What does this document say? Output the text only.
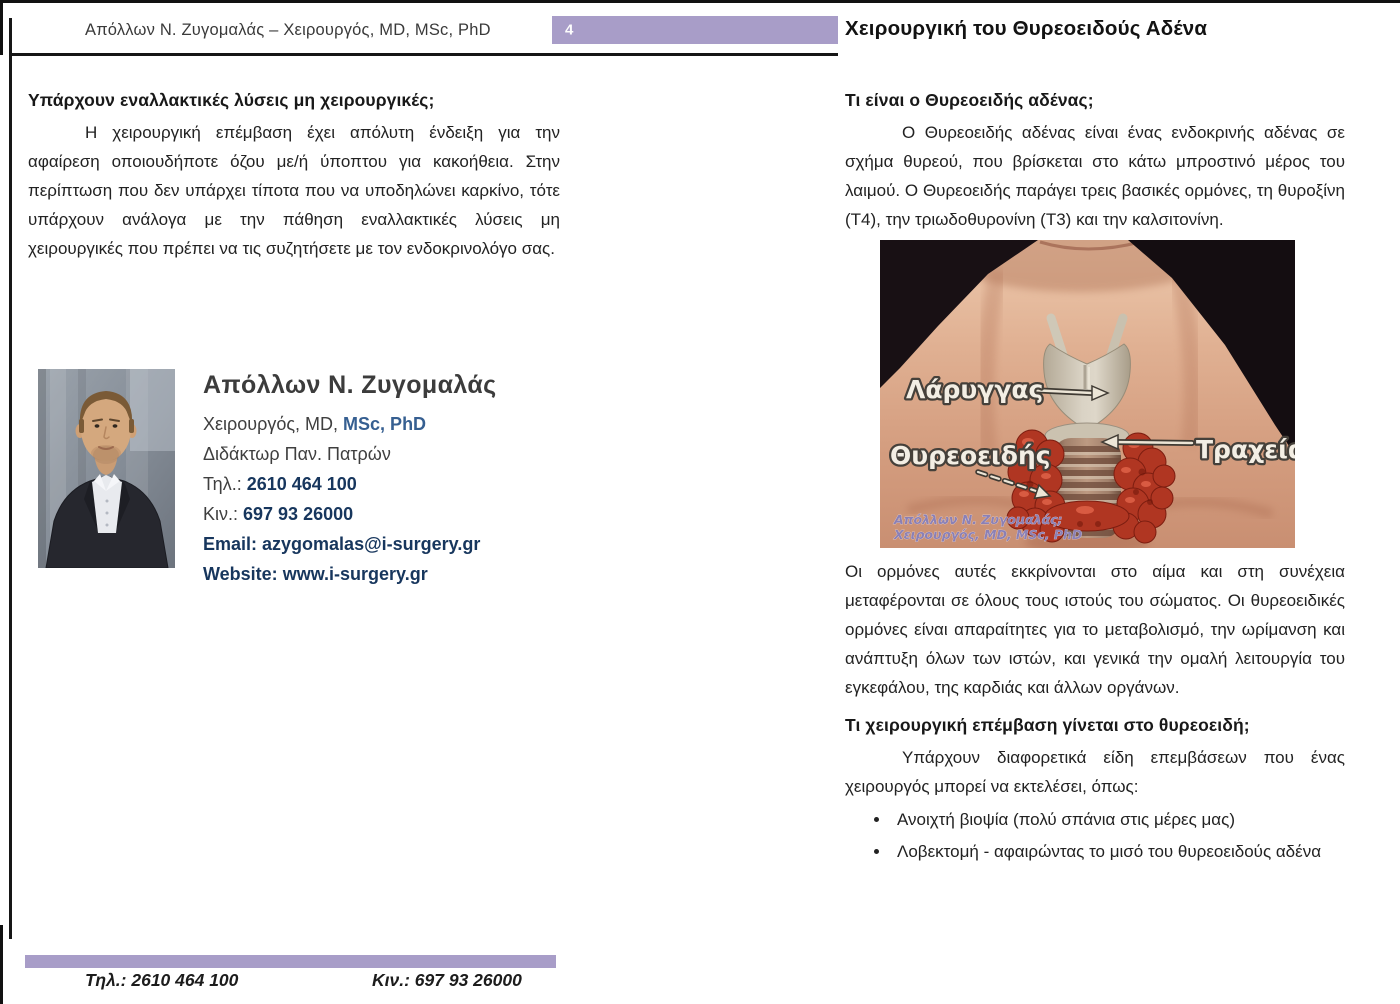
Απόλλων Ν. Ζυγομαλάς – Χειρουργός, MD, MSc, PhD	4	Χειρουργική του Θυρεοειδούς Αδένα
Υπάρχουν εναλλακτικές λύσεις μη χειρουργικές;

Η χειρουργική επέμβαση έχει απόλυτη ένδειξη για την αφαίρεση οποιουδήποτε όζου με/ή ύποπτου για κακοήθεια. Στην περίπτωση που δεν υπάρχει τίποτα που να υποδηλώνει καρκίνο, τότε υπάρχουν ανάλογα με την πάθηση εναλλακτικές λύσεις μη χειρουργικές που πρέπει να τις συζητήσετε με τον ενδοκρινολόγο σας.

Απόλλων Ν. Ζυγομαλάς
Χειρουργός, MD, MSc, PhD
Διδάκτωρ Παν. Πατρών
Τηλ.: 2610 464 100
Κιν.: 697 93 26000
Email: azygomalas@i-surgery.gr
Website: www.i-surgery.gr
Τι είναι ο Θυρεοειδής αδένας;

Ο Θυρεοειδής αδένας είναι ένας ενδοκρινής αδένας σε σχήμα θυρεού, που βρίσκεται στο κάτω μπροστινό μέρος του λαιμού. Ο Θυρεοειδής παράγει τρεις βασικές ορμόνες, τη θυροξίνη (Τ4), την τριωδοθυρονίνη (Τ3) και την καλσιτονίνη.

Λάρυγγας
Θυρεοειδής	Τραχεία
Απόλλων Ν. Ζυγομαλάς;
Χειρουργός, MD, MSc, PhD

Οι ορμόνες αυτές εκκρίνονται στο αίμα και στη συνέχεια μεταφέρονται σε όλους τους ιστούς του σώματος. Οι θυρεοειδικές ορμόνες είναι απαραίτητες για το μεταβολισμό, την ωρίμανση και ανάπτυξη όλων των ιστών, και γενικά την ομαλή λειτουργία του εγκεφάλου, της καρδιάς και άλλων οργάνων.

Τι χειρουργική επέμβαση γίνεται στο θυρεοειδή;

Υπάρχουν διαφορετικά είδη επεμβάσεων που ένας χειρουργός μπορεί να εκτελέσει, όπως:

• Ανοιχτή βιοψία (πολύ σπάνια στις μέρες μας)
• Λοβεκτομή - αφαιρώντας το μισό του θυρεοειδούς αδένα
Τηλ.: 2610 464 100	Κιν.: 697 93 26000
